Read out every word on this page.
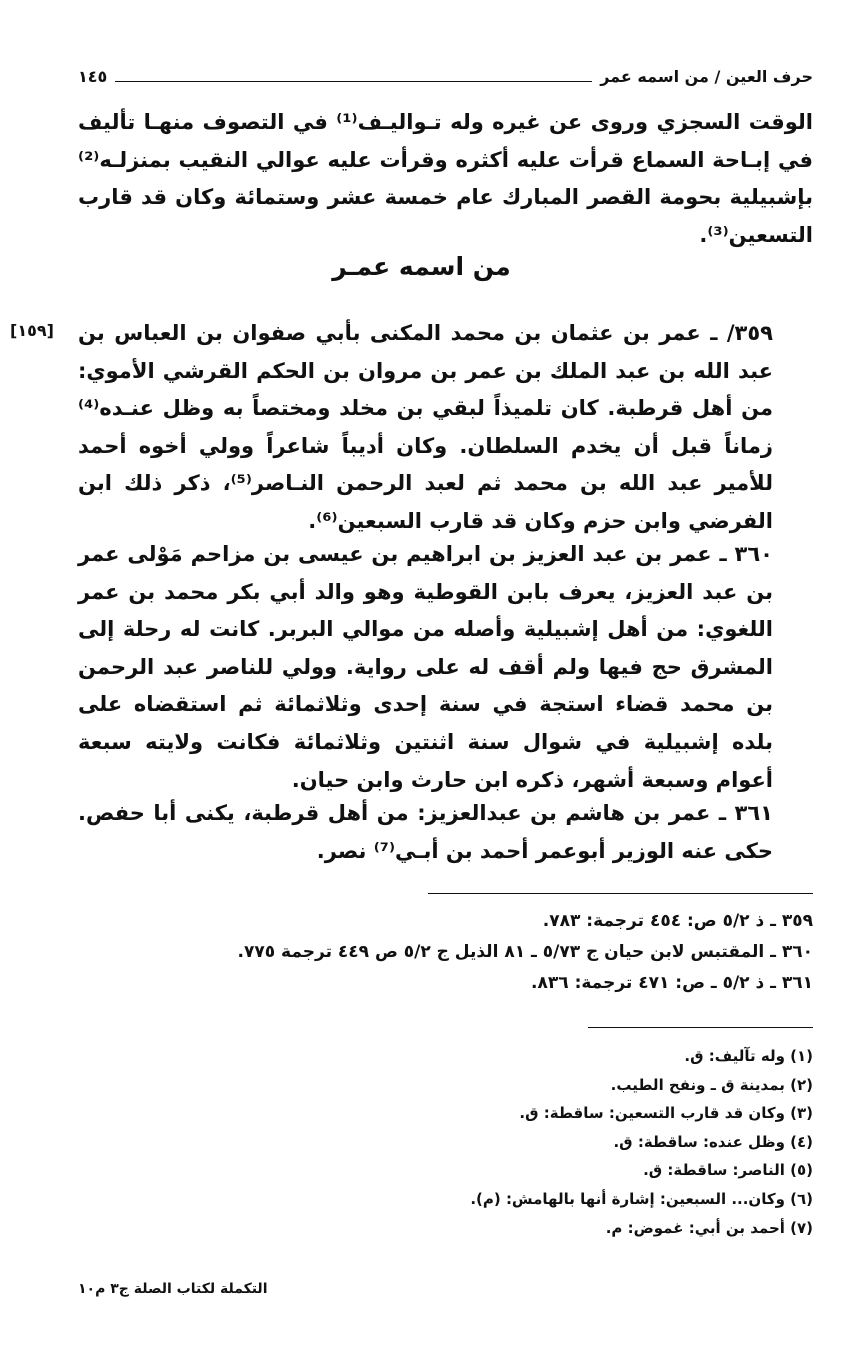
حرف العين / من اسمه عمر
١٤٥
الوقت السجزي وروى عن غيره وله تـواليـف⁽¹⁾ في التصوف منهـا تأليف في إبـاحة السماع قرأت عليه أكثره وقرأت عليه عوالي النقيب بمنزلـه⁽²⁾ بإشبيلية بحومة القصر المبارك عام خمسة عشر وستمائة وكان قد قارب التسعين⁽³⁾.
من اسمه عمـر
[١٥٩] ٣٥٩/ ـ عمر بن عثمان بن محمد المكنى بأبي صفوان بن العباس بن عبد الله بن عبد الملك بن عمر بن مروان بن الحكم القرشي الأموي: من أهل قرطبة. كان تلميذاً لبقي بن مخلد ومختصاً به وظل عنـده⁽⁴⁾ زماناً قبل أن يخدم السلطان. وكان أديباً شاعراً وولي أخوه أحمد للأمير عبد الله بن محمد ثم لعبد الرحمن النـاصر⁽⁵⁾، ذكر ذلك ابن الفرضي وابن حزم وكان قد قارب السبعين⁽⁶⁾.
٣٦٠ ـ عمر بن عبد العزيز بن ابراهيم بن عيسى بن مزاحم مَوْلى عمر بن عبد العزيز، يعرف بابن القوطية وهو والد أبي بكر محمد بن عمر اللغوي: من أهل إشبيلية وأصله من موالي البربر. كانت له رحلة إلى المشرق حج فيها ولم أقف له على رواية. وولي للناصر عبد الرحمن بن محمد قضاء استجة في سنة إحدى وثلاثمائة ثم استقضاه على بلده إشبيلية في شوال سنة اثنتين وثلاثمائة فكانت ولايته سبعة أعوام وسبعة أشهر، ذكره ابن حارث وابن حيان.
٣٦١ ـ عمر بن هاشم بن عبدالعزيز: من أهل قرطبة، يكنى أبا حفص. حكى عنه الوزير أبوعمر أحمد بن أبـي⁽⁷⁾ نصر.
٣٥٩ ـ ذ ٥/٢ ص: ٤٥٤ ترجمة: ٧٨٣.
٣٦٠ ـ المقتبس لابن حيان ج ٥/٧٣ ـ ٨١ الذيل ج ٥/٢ ص ٤٤٩ ترجمة ٧٧٥.
٣٦١ ـ ذ ٥/٢ ـ ص: ٤٧١ ترجمة: ٨٣٦.
(١) وله تآليف: ق.
(٢) بمدينة ق ـ ونفح الطيب.
(٣) وكان قد قارب التسعين: ساقطة: ق.
(٤) وظل عنده: ساقطة: ق.
(٥) الناصر: ساقطة: ق.
(٦) وكان... السبعين: إشارة أنها بالهامش: (م).
(٧) أحمد بن أبي: غموض: م.
التكملة لكتاب الصلة ج٣ م١٠
